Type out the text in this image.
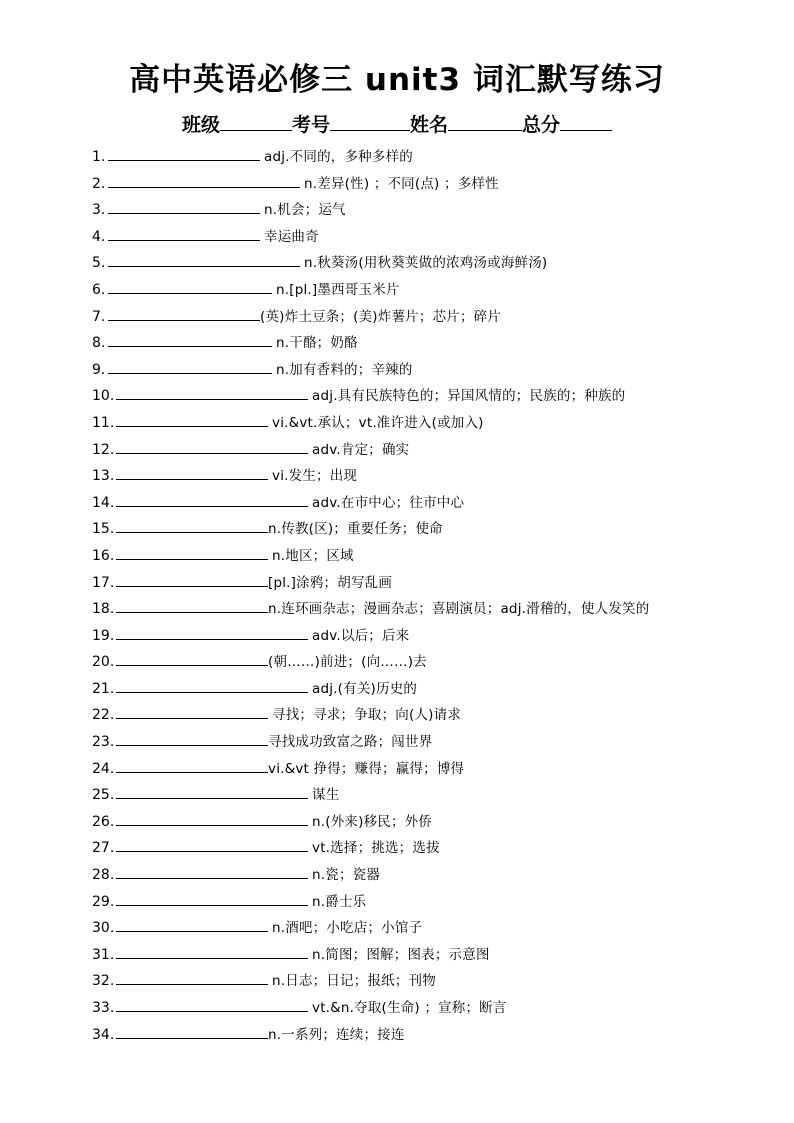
高中英语必修三 unit3 词汇默写练习
班级	考号	姓名	总分
1.	adj.不同的，多种多样的
2.	n.差异(性) ；不同(点) ；多样性
3.	n.机会；运气
4.	幸运曲奇
5.	n.秋葵汤(用秋葵荚做的浓鸡汤或海鲜汤)
6.	n.[pl.]墨西哥玉米片
7.	(英)炸土豆条；(美)炸薯片；芯片；碎片
8.	n.干酪；奶酪
9.	n.加有香料的；辛辣的
10.	adj.具有民族特色的；异国风情的；民族的；种族的
11.	vi.&vt.承认；vt.准许进入(或加入)
12.	adv.肯定；确实
13.	vi.发生；出现
14.	adv.在市中心；往市中心
15.	n.传教(区)；重要任务；使命
16.	n.地区；区域
17.	[pl.]涂鸦；胡写乱画
18.	n.连环画杂志；漫画杂志；喜剧演员；adj.滑稽的，使人发笑的
19.	adv.以后；后来
20.	(朝……)前进；(向……)去
21.	adj.(有关)历史的
22.	寻找；寻求；争取；向(人)请求
23.	寻找成功致富之路；闯世界
24.	vi.&vt 挣得；赚得；赢得；博得
25.	谋生
26.	n.(外来)移民；外侨
27.	vt.选择；挑选；选拔
28.	n.瓷；瓷器
29.	n.爵士乐
30.	n.酒吧；小吃店；小馆子
31.	n.简图；图解；图表；示意图
32.	n.日志；日记；报纸；刊物
33.	vt.&n.夺取(生命) ；宣称；断言
34.	n.一系列；连续；接连
